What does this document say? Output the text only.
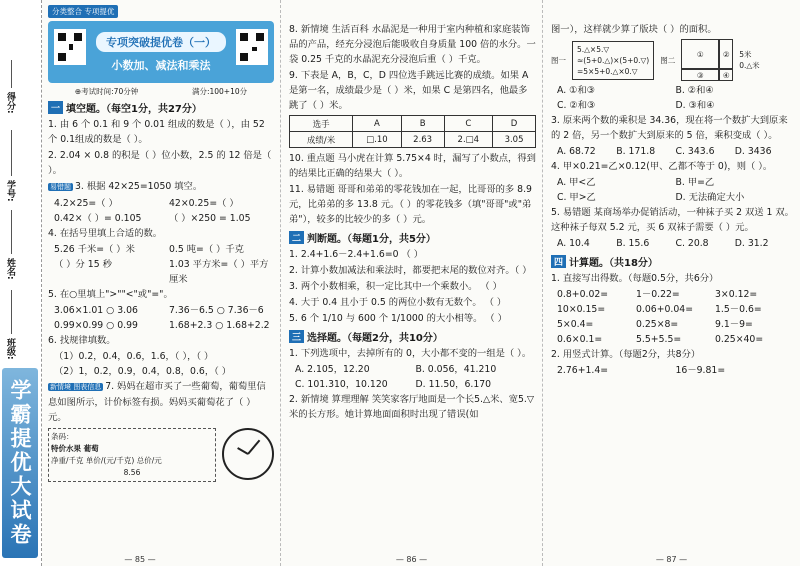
得分:
学号:
姓名:
班级:
学霸提优大试卷
分类整合 专项提优
专项突破提优卷（一）
小数加、减法和乘法
⊕考试时间:70分钟	满分:100+10分
一 填空题。（每空1分，共27分）
1. 由 6 个 0.1 和 9 个 0.01 组成的数是（ ），由 52 个 0.1组成的数是（ ）。
2. 2.04 × 0.8 的积是（ ）位小数，2.5 的 12 倍是（ ）。
易错题 3. 根据 42×25=1050 填空。
4.2×25=（ ）	42×0.25=（ ）
0.42×（ ）= 0.105	（ ）×250 = 1.05
4. 在括号里填上合适的数。
5.26 千米=（ ）米	0.5 吨=（ ）千克
（ ）分 15 秒	1.03 平方米=（ ）平方厘米
5. 在○里填上">""<"或"="。
3.06×1.01 ○ 3.06	7.36－6.5 ○ 7.36－6
0.99×0.99 ○ 0.99	1.68+2.3 ○ 1.68+2.2
6. 找规律填数。
（1）0.2，0.4，0.6，1.6，（ ），（ ）
（2）1，0.2，0.9，0.4，0.8，0.6，（ ）
新情境 图表信息 7. 妈妈在超市买了一些葡萄，葡萄里信息如图所示，计价标签有损。妈妈买葡萄花了（ ）元。
条码：
特价水果 葡萄
净重/千克 单价/(元/千克) 总价/元
8.56
— 85 —
8. 新情境 生活百科 水晶泥是一种用于室内种植和家庭装饰品的产品，经充分浸泡后能吸收自身质量 100 倍的水分。一袋 0.25 千克的水晶泥充分浸泡后重（ ）千克。
9. 下表是 A，B，C，D 四位选手跳远比赛的成绩。如果 A 是第一名，成绩最少是（ ）米，如果 C 是第四名，他最多跳了（ ）米。
选手	A	B	C	D
成绩/米	□.10	2.63	2.□4	3.05
10. 重点题 马小虎在计算 5.75×4 时，漏写了小数点，得到的结果比正确的结果大（ ）。
11. 易错题 哥哥和弟弟的零花钱加在一起，比哥哥的多 8.9 元，比弟弟的多 13.8 元。（ ）的零花钱多（填"哥哥"或"弟弟"），较多的比较少的多（ ）元。
二 判断题。（每题1分，共5分）
1. 2.4+1.6－2.4+1.6=0 （ ）
2. 计算小数加减法和乘法时，都要把末尾的数位对齐。（ ）
3. 两个小数相乘，积一定比其中一个乘数小。 （ ）
4. 大于 0.4 且小于 0.5 的两位小数有无数个。 （ ）
5. 6 个 1/10 与 600 个 1/1000 的大小相等。 （ ）
三 选择题。（每题2分，共10分）
1. 下列选项中，去掉所有的 0，大小都不变的一组是（ ）。
A. 2.105，12.20	B. 0.056，41.210
C. 101.310，10.120	D. 11.50，6.170
2. 新情境 算理理解 笑笑家客厅地面是一个长5.△米、宽5.▽米的长方形。她计算地面面积时出现了错误(如
— 86 —
图一），这样就少算了版块（ ）的面积。
图一
5.△×5.▽
≈(5+0.△)×(5+0.▽)
=5×5+0.△×0.▽
图二
①	②
③	④
5米
0.△米
A. ①和③	B. ②和④
C. ②和③	D. ③和④
3. 原来两个数的乘积是 34.36，现在将一个数扩大到原来的 2 倍，另一个数扩大到原来的 5 倍，乘积变成（ ）。
A. 68.72	B. 171.8	C. 343.6	D. 3436
4. 甲×0.21=乙×0.12(甲、乙都不等于 0)，则（ ）。
A. 甲<乙	B. 甲=乙
C. 甲>乙	D. 无法确定大小
5. 易错题 某商场举办促销活动，一种袜子买 2 双送 1 双。这种袜子每双 5.2 元，买 6 双袜子需要（ ）元。
A. 10.4	B. 15.6	C. 20.8	D. 31.2
四 计算题。（共18分）
1. 直接写出得数。（每题0.5分，共6分）
0.8+0.02=	1－0.22=	3×0.12=
10×0.15=	0.06+0.04=	1.5－0.6=
5×0.4=	0.25×8=	9.1－9=
0.6×0.1=	5.5+5.5=	0.25×40=
2. 用竖式计算。（每题2分，共8分）
2.76+1.4=	16－9.81=
— 87 —
